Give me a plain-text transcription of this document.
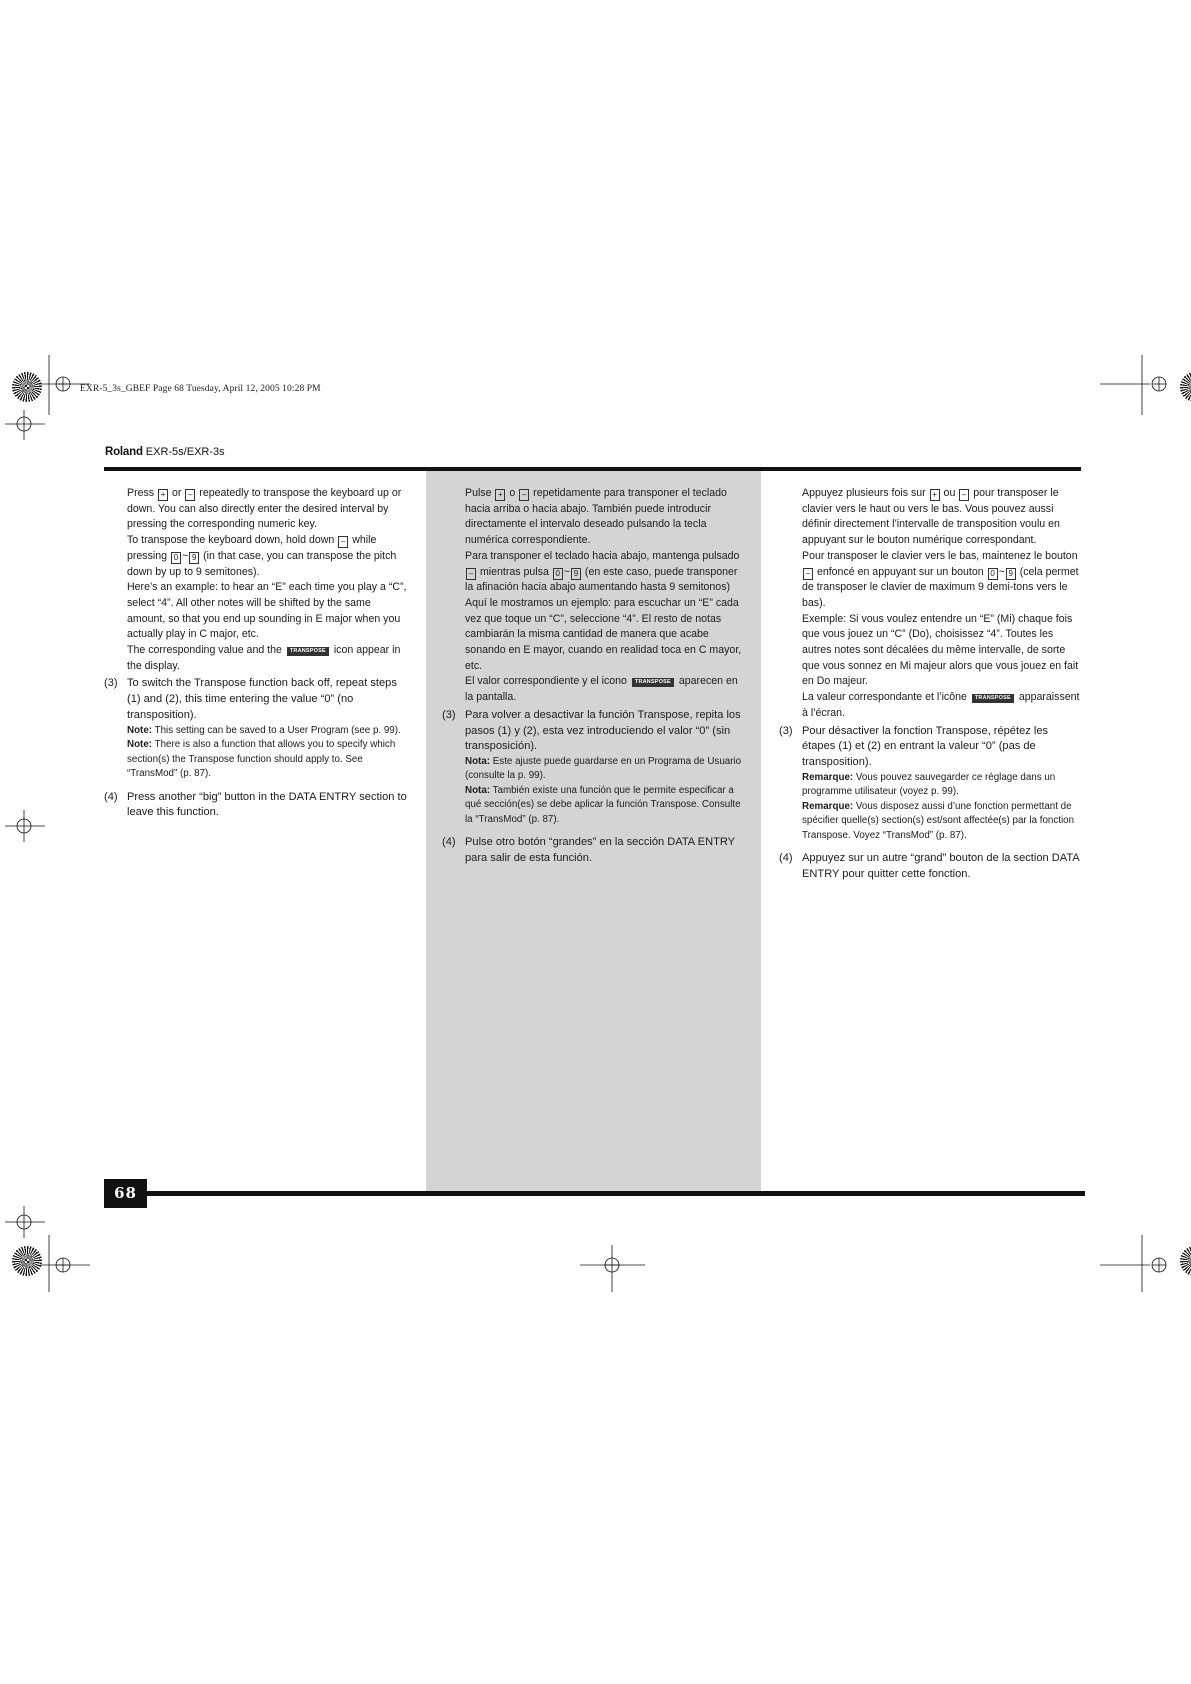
EXR-5_3s_GBEF Page 68 Tuesday, April 12, 2005 10:28 PM
Roland EXR-5s/EXR-3s

Press + or – repeatedly to transpose the keyboard up or down. You can also directly enter the desired interval by pressing the corresponding numeric key.

To transpose the keyboard down, hold down – while pressing 0 ~ 9 (in that case, you can transpose the pitch down by up to 9 semitones).

Here’s an example: to hear an “E” each time you play a “C”, select “4”. All other notes will be shifted by the same amount, so that you end up sounding in E major when you actually play in C major, etc.

The corresponding value and the TRANSPOSE icon appear in the display.

(3) To switch the Transpose function back off, repeat steps (1) and (2), this time entering the value “0” (no transposition).

Note: This setting can be saved to a User Program (see p. 99).

Note: There is also a function that allows you to specify which section(s) the Transpose function should apply to. See “TransMod” (p. 87).

(4) Press another “big” button in the DATA ENTRY section to leave this function.

Pulse + o – repetidamente para transponer el teclado hacia arriba o hacia abajo. También puede introducir directamente el intervalo deseado pulsando la tecla numérica correspondiente.

Para transponer el teclado hacia abajo, mantenga pulsado – mientras pulsa 0 ~ 9 (en este caso, puede transponer la afinación hacia abajo aumentando hasta 9 semitonos)

Aquí le mostramos un ejemplo: para escuchar un “E” cada vez que toque un “C”, seleccione “4”. El resto de notas cambiarán la misma cantidad de manera que acabe sonando en E mayor, cuando en realidad toca en C mayor, etc.

El valor correspondiente y el icono TRANSPOSE aparecen en la pantalla.

(3) Para volver a desactivar la función Transpose, repita los pasos (1) y (2), esta vez introduciendo el valor “0” (sin transposición).

Nota: Este ajuste puede guardarse en un Programa de Usuario (consulte la p. 99).

Nota: También existe una función que le permite especificar a qué sección(es) se debe aplicar la función Transpose. Consulte la “TransMod” (p. 87).

(4) Pulse otro botón “grandes” en la sección DATA ENTRY para salir de esta función.

Appuyez plusieurs fois sur + ou – pour transposer le clavier vers le haut ou vers le bas. Vous pouvez aussi définir directement l’intervalle de transposition voulu en appuyant sur le bouton numérique correspondant.

Pour transposer le clavier vers le bas, maintenez le bouton – enfoncé en appuyant sur un bouton 0 ~ 9 (cela permet de transposer le clavier de maximum 9 demi-tons vers le bas).

Exemple: Si vous voulez entendre un “E” (Mi) chaque fois que vous jouez un “C” (Do), choisissez “4”. Toutes les autres notes sont décalées du même intervalle, de sorte que vous sonnez en Mi majeur alors que vous jouez en fait en Do majeur.

La valeur correspondante et l’icône TRANSPOSE apparaissent à l’écran.

(3) Pour désactiver la fonction Transpose, répétez les étapes (1) et (2) en entrant la valeur “0” (pas de transposition).

Remarque: Vous pouvez sauvegarder ce réglage dans un programme utilisateur (voyez p. 99).

Remarque: Vous disposez aussi d’une fonction permettant de spécifier quelle(s) section(s) est/sont affectée(s) par la fonction Transpose. Voyez “TransMod” (p. 87).

(4) Appuyez sur un autre “grand” bouton de la section DATA ENTRY pour quitter cette fonction.
68
